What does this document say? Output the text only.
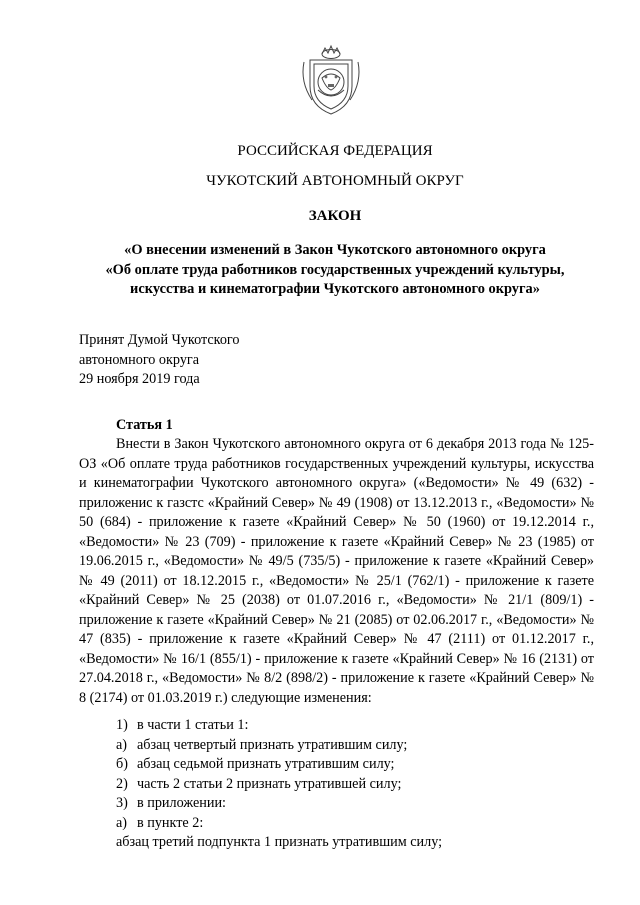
РОССИЙСКАЯ ФЕДЕРАЦИЯ
ЧУКОТСКИЙ АВТОНОМНЫЙ ОКРУГ
ЗАКОН
«О внесении изменений в Закон Чукотского автономного округа
«Об оплате труда работников государственных учреждений культуры,
искусства и кинематографии Чукотского автономного округа»
Принят Думой Чукотского
автономного округа
29 ноября 2019 года
Статья 1
Внести в Закон Чукотского автономного округа от 6 декабря 2013 года № 125-ОЗ «Об оплате труда работников государственных учреждений культуры, искусства и кинематографии Чукотского автономного округа» («Ведомости» № 49 (632) - приложенис к газстс «Крайний Север» № 49 (1908) от 13.12.2013 г., «Ведомости» № 50 (684) - приложение к газете «Крайний Север» № 50 (1960) от 19.12.2014 г., «Ведомости» № 23 (709) - приложение к газете «Крайний Север» № 23 (1985) от 19.06.2015 г., «Ведомости» № 49/5 (735/5) - приложение к газете «Крайний Север» № 49 (2011) от 18.12.2015 г., «Ведомости» № 25/1 (762/1) - приложение к газете «Крайний Север» № 25 (2038) от 01.07.2016 г., «Ведомости» № 21/1 (809/1) - приложение к газете «Крайний Север» № 21 (2085) от 02.06.2017 г., «Ведомости» № 47 (835) - приложение к газете «Крайний Север» № 47 (2111) от 01.12.2017 г., «Ведомости» № 16/1 (855/1) - приложение к газете «Крайний Север» № 16 (2131) от 27.04.2018 г., «Ведомости» № 8/2 (898/2) - приложение к газете «Крайний Север» № 8 (2174) от 01.03.2019 г.) следующие изменения:
1) в части 1 статьи 1:
а) абзац четвертый признать утратившим силу;
б) абзац седьмой признать утратившим силу;
2) часть 2 статьи 2 признать утратившей силу;
3) в приложении:
а) в пункте 2:
абзац третий подпункта 1 признать утратившим силу;
